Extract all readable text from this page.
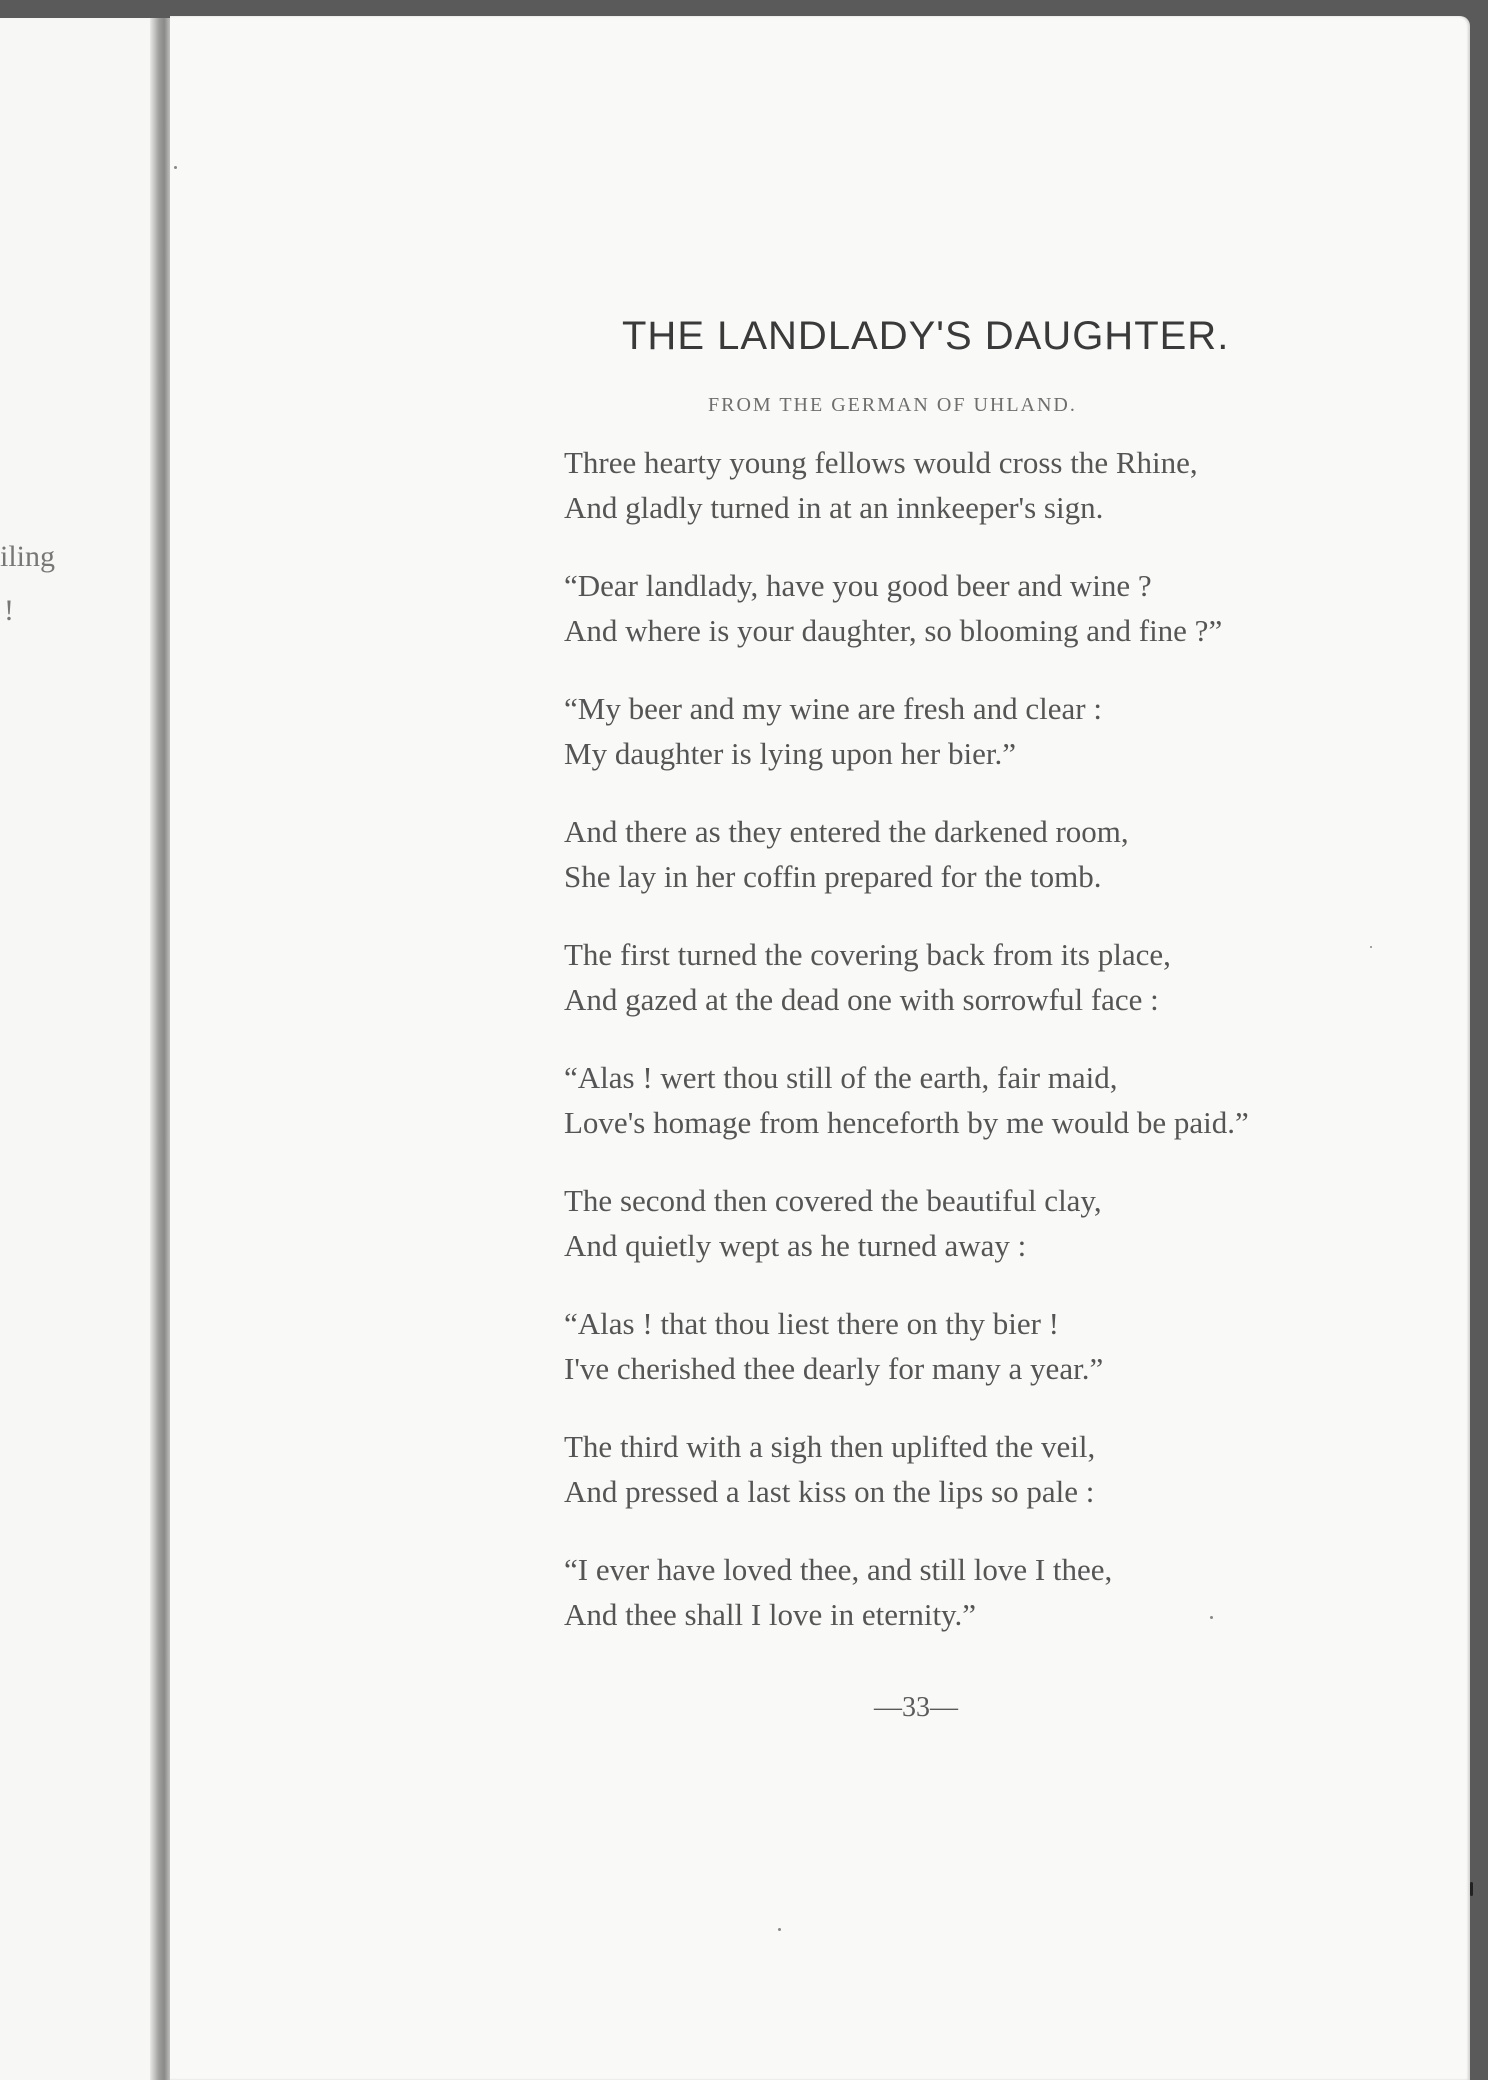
iling
!
THE LANDLADY'S DAUGHTER.
FROM THE GERMAN OF UHLAND.
Three hearty young fellows would cross the Rhine,
And gladly turned in at an innkeeper's sign.
“Dear landlady, have you good beer and wine ?
And where is your daughter, so blooming and fine ?”
“My beer and my wine are fresh and clear :
My daughter is lying upon her bier.”
And there as they entered the darkened room,
She lay in her coffin prepared for the tomb.
The first turned the covering back from its place,
And gazed at the dead one with sorrowful face :
“Alas ! wert thou still of the earth, fair maid,
Love's homage from henceforth by me would be paid.”
The second then covered the beautiful clay,
And quietly wept as he turned away :
“Alas ! that thou liest there on thy bier !
I've cherished thee dearly for many a year.”
The third with a sigh then uplifted the veil,
And pressed a last kiss on the lips so pale :
“I ever have loved thee, and still love I thee,
And thee shall I love in eternity.”
—33—
